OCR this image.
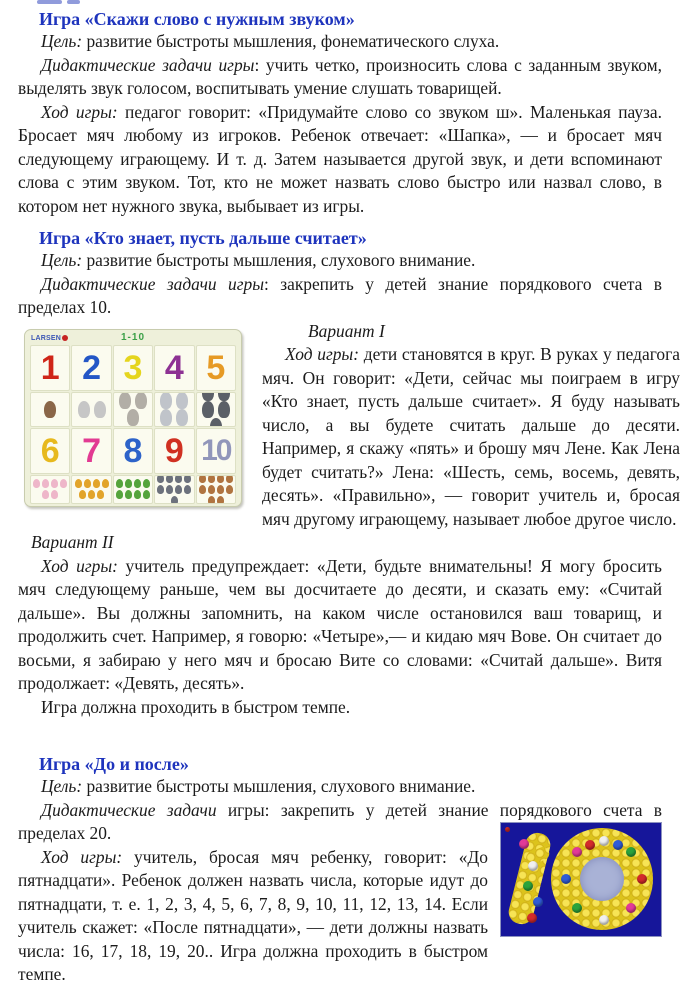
Игра «Скажи слово с нужным звуком»

Цель: развитие быстроты мышления, фонематического слуха.

Дидактические задачи игры: учить четко, произносить слова с заданным звуком, выделять звук голосом, воспитывать умение слушать товарищей.

Ход игры: педагог говорит: «Придумайте слово со звуком ш». Маленькая пауза. Бросает мяч любому из игроков. Ребенок отвечает: «Шапка», — и бросает мяч следующему играющему. И т. д. Затем называется другой звук, и дети вспоминают слова с этим звуком. Тот, кто не может назвать слово быстро или назвал слово, в котором нет нужного звука, выбывает из игры.

Игра «Кто знает, пусть дальше считает»

Цель: развитие быстроты мышления, слухового внимание.

Дидактические задачи игры: закрепить у детей знание порядкового счета в пределах 10.

LARSEN	1-10
1 2 3 4 5
6 7 8 9 10
Вариант I

Ход игры: дети становятся в круг. В руках у педагога мяч. Он говорит: «Дети, сейчас мы поиграем в игру «Кто знает, пусть дальше считает». Я буду называть число, а вы будете считать дальше до десяти. Например, я скажу «пять» и брошу мяч Лене. Как Лена будет считать?» Лена: «Шесть, семь, восемь, девять, десять». «Правильно», — говорит учитель и, бросая мяч другому играющему, называет любое другое число.

Вариант II

Ход игры: учитель предупреждает: «Дети, будьте внимательны! Я могу бросить мяч следующему раньше, чем вы досчитаете до десяти, и сказать ему: «Считай дальше». Вы должны запомнить, на каком числе остановился ваш товарищ, и продолжить счет. Например, я говорю: «Четыре»,— и кидаю мяч Вове. Он считает до восьми, я забираю у него мяч и бросаю Вите со словами: «Считай дальше». Витя продолжает: «Девять, десять».

Игра должна проходить в быстром темпе.

Игра «До и после»

Цель: развитие быстроты мышления, слухового внимание.

Дидактические задачи игры: закрепить у детей знание порядкового счета в пределах 20.

Ход игры: учитель, бросая мяч ребенку, говорит: «До пятнадцати». Ребенок должен назвать числа, которые идут до пятнадцати, т. е. 1, 2, 3, 4, 5, 6, 7, 8, 9, 10, 11, 12, 13, 14. Если учитель скажет: «После пятнадцати», — дети должны назвать числа: 16, 17, 18, 19, 20.. Игра должна проходить в быстром темпе.
